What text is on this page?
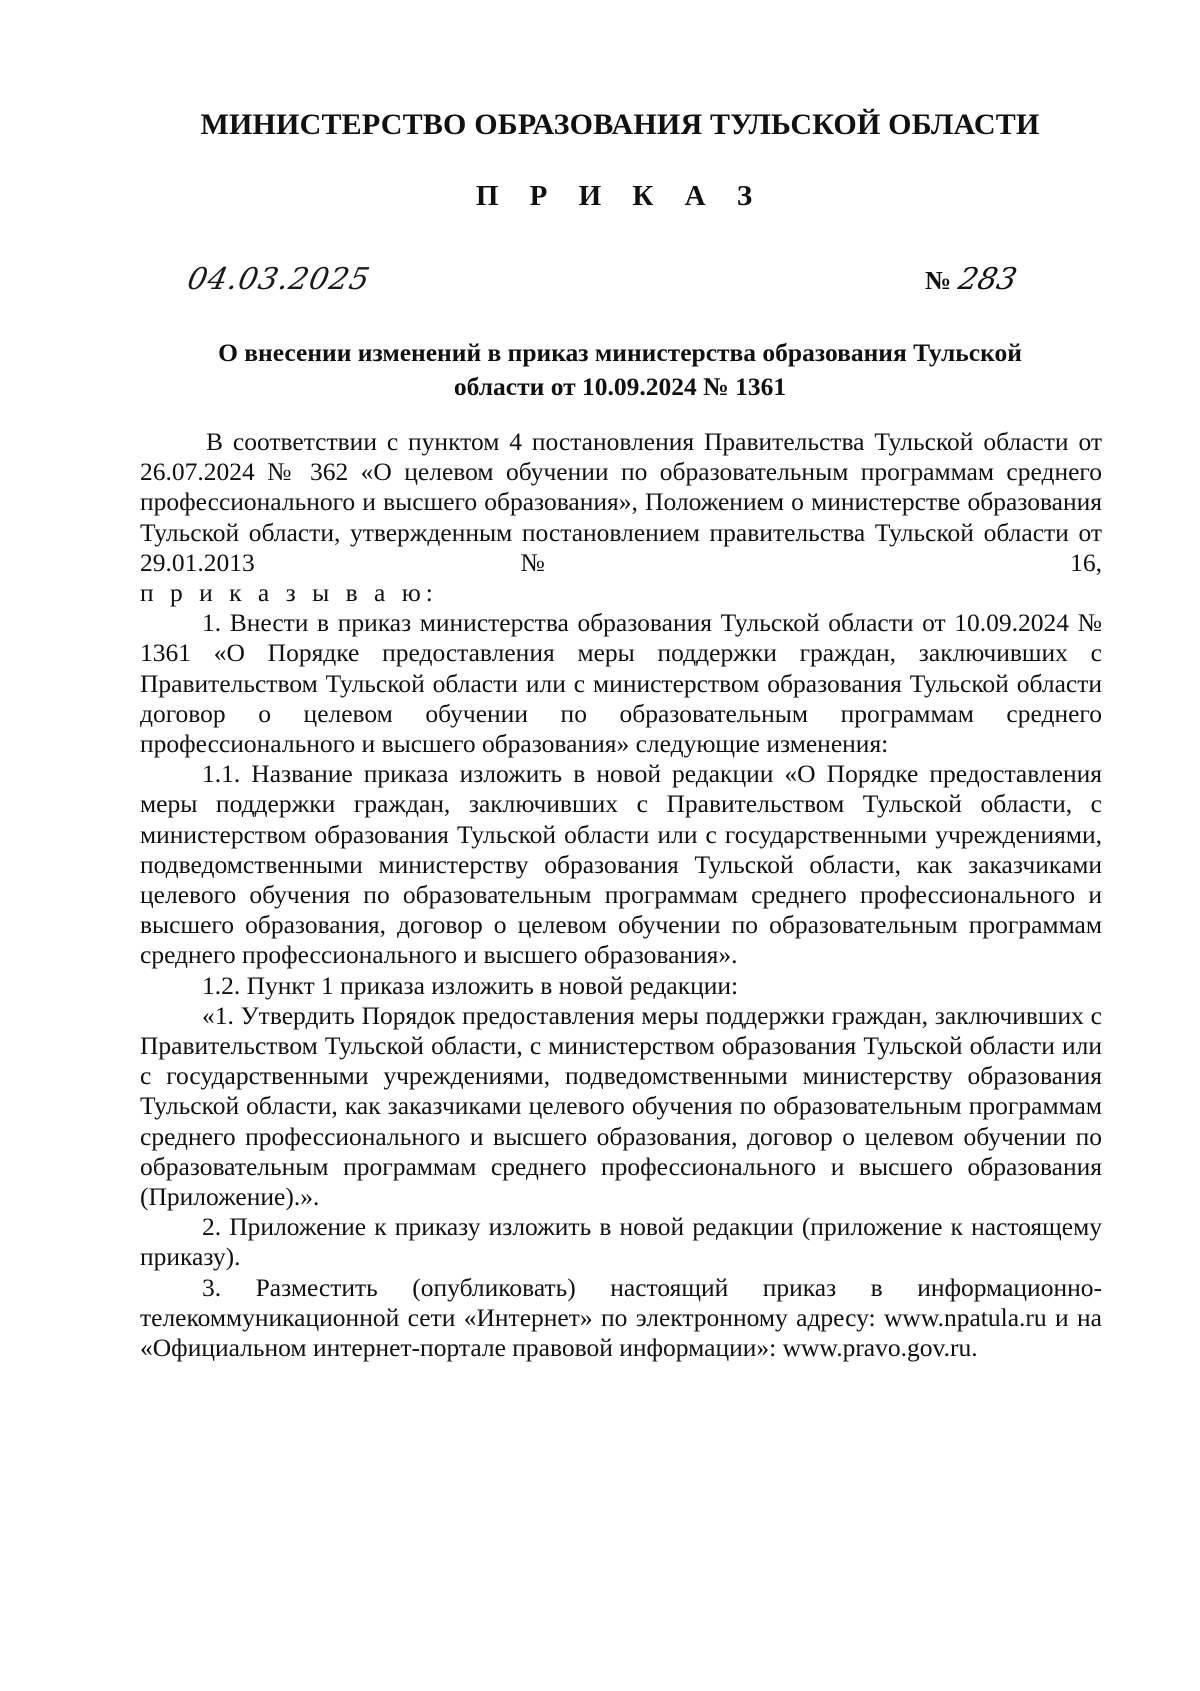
МИНИСТЕРСТВО ОБРАЗОВАНИЯ ТУЛЬСКОЙ ОБЛАСТИ
П Р И К А З
04.03.2025	№ 283
О внесении изменений в приказ министерства образования Тульской
области от 10.09.2024 № 1361

В соответствии с пунктом 4 постановления Правительства Тульской области от 26.07.2024 № 362 «О целевом обучении по образовательным программам среднего профессионального и высшего образования», Положением о министерстве образования Тульской области, утвержденным постановлением правительства Тульской области от 29.01.2013 № 16,

п р и к а з ы в а ю:

1. Внести в приказ министерства образования Тульской области от 10.09.2024 № 1361 «О Порядке предоставления меры поддержки граждан, заключивших с Правительством Тульской области или с министерством образования Тульской области договор о целевом обучении по образовательным программам среднего профессионального и высшего образования» следующие изменения:

1.1. Название приказа изложить в новой редакции «О Порядке предоставления меры поддержки граждан, заключивших с Правительством Тульской области, с министерством образования Тульской области или с государственными учреждениями, подведомственными министерству образования Тульской области, как заказчиками целевого обучения по образовательным программам среднего профессионального и высшего образования, договор о целевом обучении по образовательным программам среднего профессионального и высшего образования».

1.2. Пункт 1 приказа изложить в новой редакции:

«1. Утвердить Порядок предоставления меры поддержки граждан, заключивших с Правительством Тульской области, с министерством образования Тульской области или с государственными учреждениями, подведомственными министерству образования Тульской области, как заказчиками целевого обучения по образовательным программам среднего профессионального и высшего образования, договор о целевом обучении по образовательным программам среднего профессионального и высшего образования (Приложение).».

2. Приложение к приказу изложить в новой редакции (приложение к настоящему приказу).

3. Разместить (опубликовать) настоящий приказ в информационно-телекоммуникационной сети «Интернет» по электронному адресу: www.npatula.ru и на «Официальном интернет-портале правовой информации»: www.pravo.gov.ru.
